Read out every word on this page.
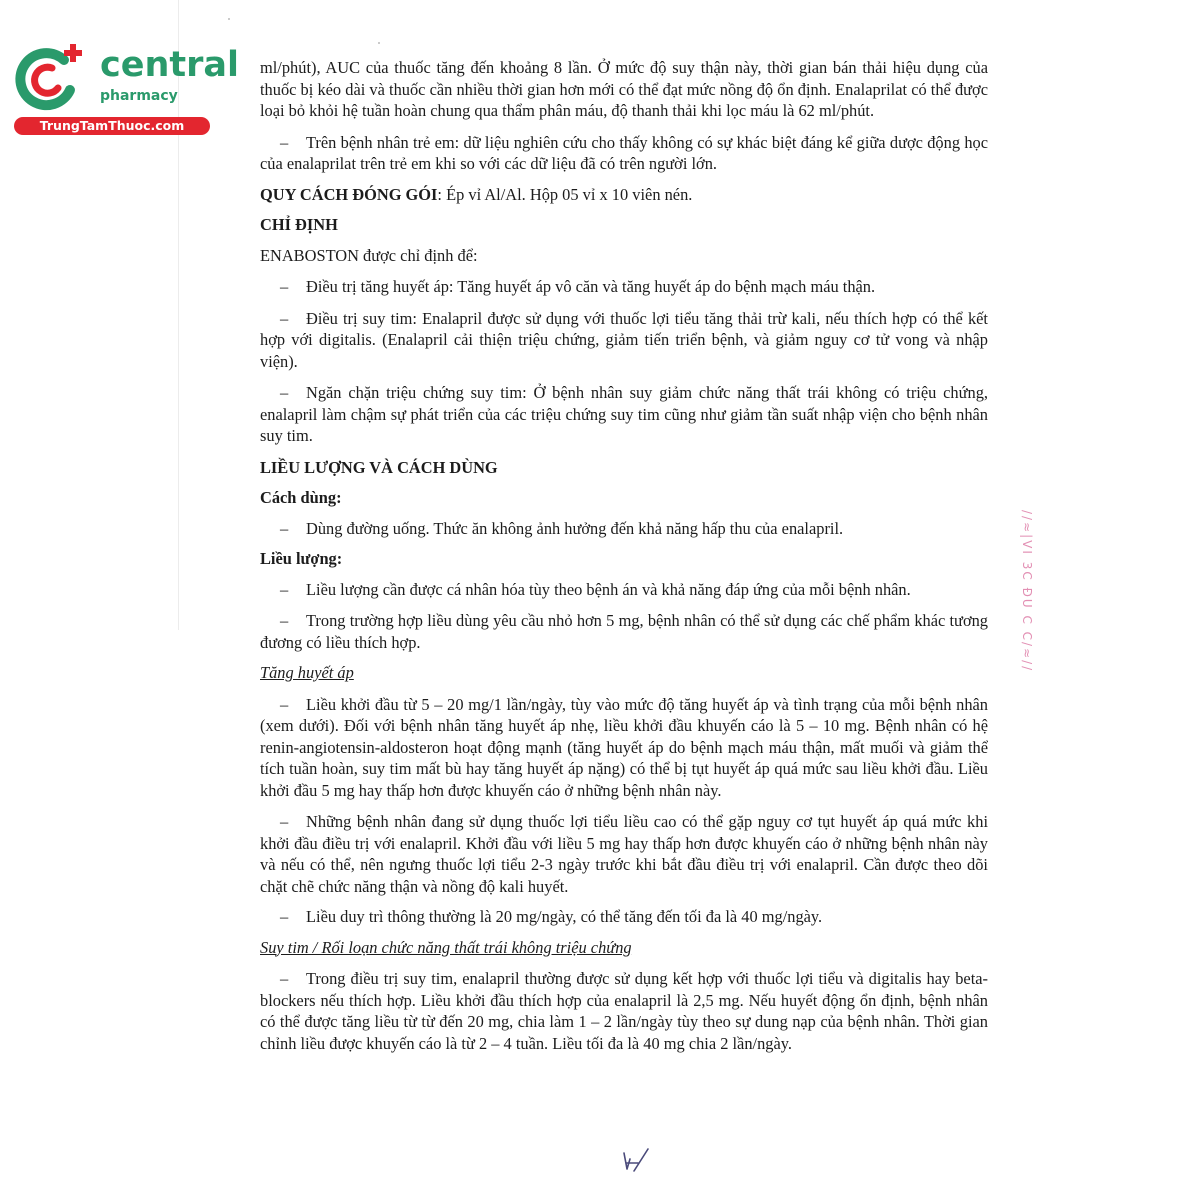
central
pharmacy
TrungTamThuoc.com

ml/phút), AUC của thuốc tăng đến khoảng 8 lần. Ở mức độ suy thận này, thời gian bán thải hiệu dụng của thuốc bị kéo dài và thuốc cần nhiều thời gian hơn mới có thể đạt mức nồng độ ổn định. Enalaprilat có thể được loại bỏ khỏi hệ tuần hoàn chung qua thẩm phân máu, độ thanh thải khi lọc máu là 62 ml/phút.

– Trên bệnh nhân trẻ em: dữ liệu nghiên cứu cho thấy không có sự khác biệt đáng kể giữa dược động học của enalaprilat trên trẻ em khi so với các dữ liệu đã có trên người lớn.

QUY CÁCH ĐÓNG GÓI: Ép vỉ Al/Al. Hộp 05 vỉ x 10 viên nén.

CHỈ ĐỊNH

ENABOSTON được chỉ định để:

– Điều trị tăng huyết áp: Tăng huyết áp vô căn và tăng huyết áp do bệnh mạch máu thận.

– Điều trị suy tim: Enalapril được sử dụng với thuốc lợi tiểu tăng thải trừ kali, nếu thích hợp có thể kết hợp với digitalis. (Enalapril cải thiện triệu chứng, giảm tiến triển bệnh, và giảm nguy cơ tử vong và nhập viện).

– Ngăn chặn triệu chứng suy tim: Ở bệnh nhân suy giảm chức năng thất trái không có triệu chứng, enalapril làm chậm sự phát triển của các triệu chứng suy tim cũng như giảm tần suất nhập viện cho bệnh nhân suy tim.

LIỀU LƯỢNG VÀ CÁCH DÙNG

Cách dùng:

– Dùng đường uống. Thức ăn không ảnh hưởng đến khả năng hấp thu của enalapril.

Liều lượng:

– Liều lượng cần được cá nhân hóa tùy theo bệnh án và khả năng đáp ứng của mỗi bệnh nhân.

– Trong trường hợp liều dùng yêu cầu nhỏ hơn 5 mg, bệnh nhân có thể sử dụng các chế phẩm khác tương đương có liều thích hợp.

Tăng huyết áp

– Liều khởi đầu từ 5 – 20 mg/1 lần/ngày, tùy vào mức độ tăng huyết áp và tình trạng của mỗi bệnh nhân (xem dưới). Đối với bệnh nhân tăng huyết áp nhẹ, liều khởi đầu khuyến cáo là 5 – 10 mg. Bệnh nhân có hệ renin-angiotensin-aldosteron hoạt động mạnh (tăng huyết áp do bệnh mạch máu thận, mất muối và giảm thể tích tuần hoàn, suy tim mất bù hay tăng huyết áp nặng) có thể bị tụt huyết áp quá mức sau liều khởi đầu. Liều khởi đầu 5 mg hay thấp hơn được khuyến cáo ở những bệnh nhân này.

– Những bệnh nhân đang sử dụng thuốc lợi tiểu liều cao có thể gặp nguy cơ tụt huyết áp quá mức khi khởi đầu điều trị với enalapril. Khởi đầu với liều 5 mg hay thấp hơn được khuyến cáo ở những bệnh nhân này và nếu có thể, nên ngưng thuốc lợi tiểu 2-3 ngày trước khi bắt đầu điều trị với enalapril. Cần được theo dõi chặt chẽ chức năng thận và nồng độ kali huyết.

– Liều duy trì thông thường là 20 mg/ngày, có thể tăng đến tối đa là 40 mg/ngày.

Suy tim / Rối loạn chức năng thất trái không triệu chứng

– Trong điều trị suy tim, enalapril thường được sử dụng kết hợp với thuốc lợi tiểu và digitalis hay beta-blockers nếu thích hợp. Liều khởi đầu thích hợp của enalapril là 2,5 mg. Nếu huyết động ổn định, bệnh nhân có thể được tăng liều từ từ đến 20 mg, chia làm 1 – 2 lần/ngày tùy theo sự dung nạp của bệnh nhân. Thời gian chỉnh liều được khuyến cáo là từ 2 – 4 tuần. Liều tối đa là 40 mg chia 2 lần/ngày.

//≈|VI 3C ĐU C C/≈//
